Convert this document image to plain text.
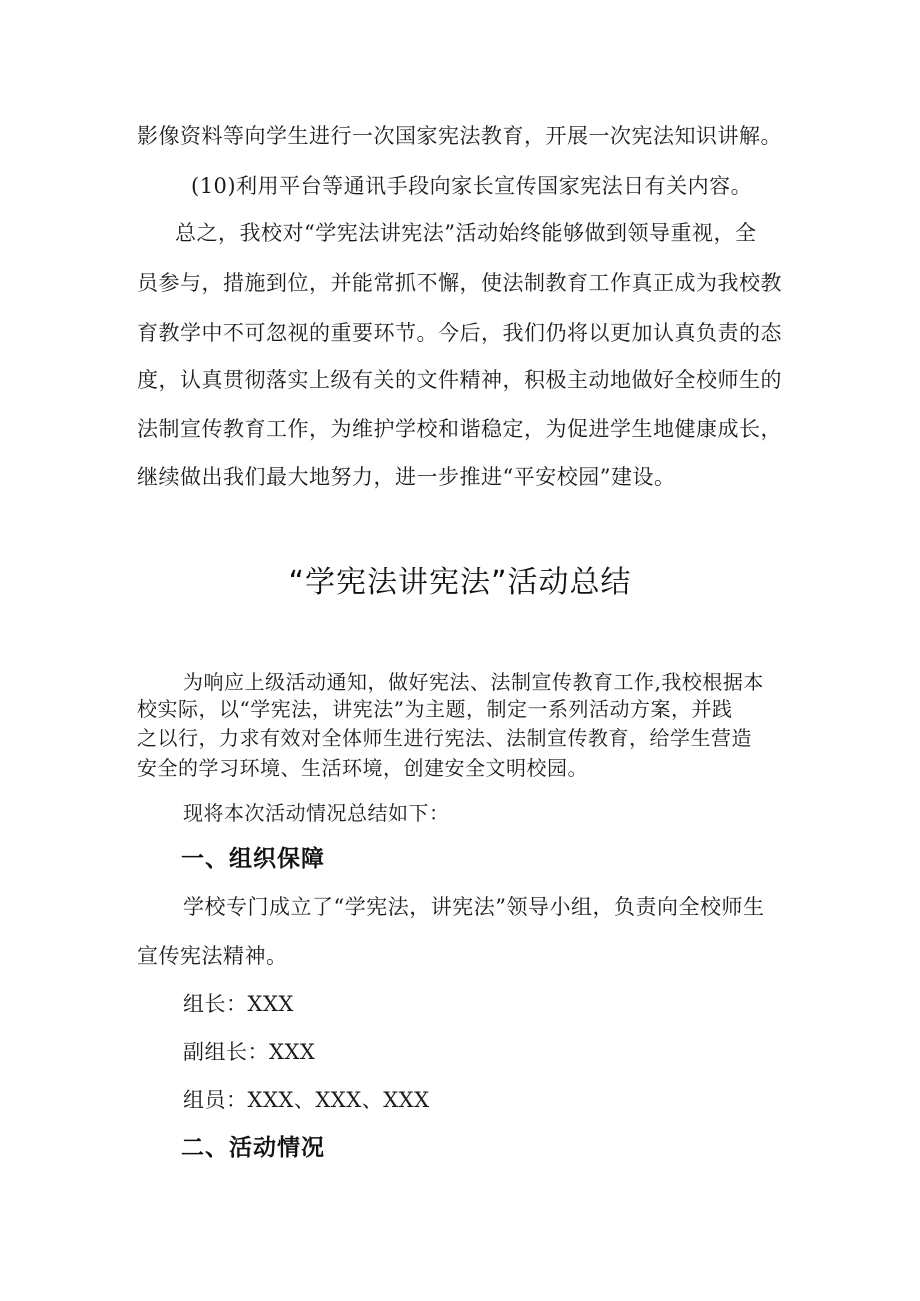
影像资料等向学生进行一次国家宪法教育，开展一次宪法知识讲解。
(10)利用平台等通讯手段向家长宣传国家宪法日有关内容。
总之，我校对“学宪法讲宪法”活动始终能够做到领导重视，全
员参与，措施到位，并能常抓不懈，使法制教育工作真正成为我校教
育教学中不可忽视的重要环节。今后，我们仍将以更加认真负责的态
度，认真贯彻落实上级有关的文件精神，积极主动地做好全校师生的
法制宣传教育工作，为维护学校和谐稳定，为促进学生地健康成长，
继续做出我们最大地努力，进一步推进“平安校园”建设。
“学宪法讲宪法”活动总结
为响应上级活动通知，做好宪法、法制宣传教育工作,我校根据本
校实际，以“学宪法，讲宪法”为主题，制定一系列活动方案，并践
之以行，力求有效对全体师生进行宪法、法制宣传教育，给学生营造
安全的学习环境、生活环境，创建安全文明校园。
现将本次活动情况总结如下：
一、组织保障
学校专门成立了“学宪法，讲宪法”领导小组，负责向全校师生
宣传宪法精神。
组长：XXX
副组长：XXX
组员：XXX、XXX、XXX
二、活动情况
